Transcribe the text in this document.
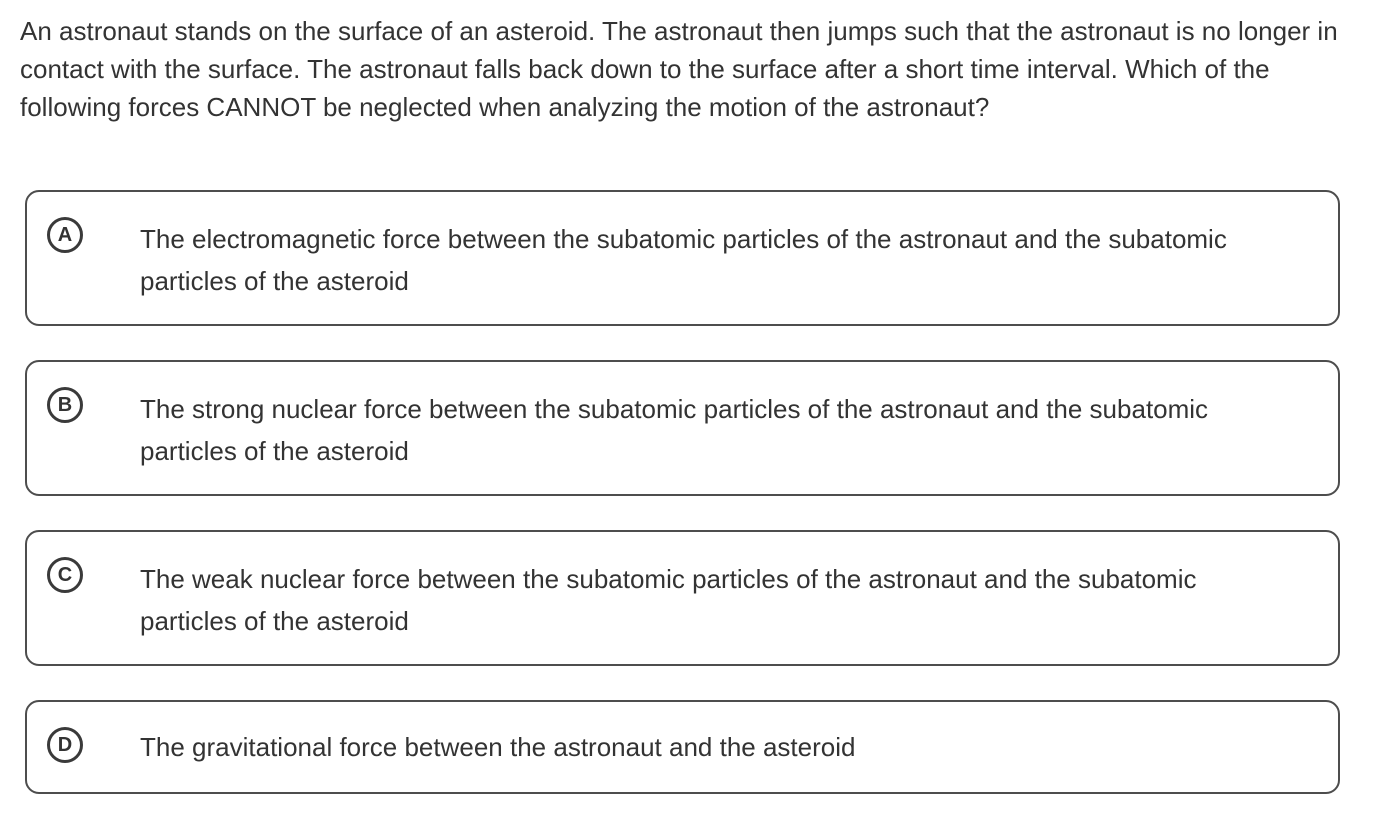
An astronaut stands on the surface of an asteroid. The astronaut then jumps such that the astronaut is no longer in contact with the surface. The astronaut falls back down to the surface after a short time interval. Which of the following forces CANNOT be neglected when analyzing the motion of the astronaut?

A	The electromagnetic force between the subatomic particles of the astronaut and the subatomic particles of the asteroid
B	The strong nuclear force between the subatomic particles of the astronaut and the subatomic particles of the asteroid
C	The weak nuclear force between the subatomic particles of the astronaut and the subatomic particles of the asteroid
D	The gravitational force between the astronaut and the asteroid
